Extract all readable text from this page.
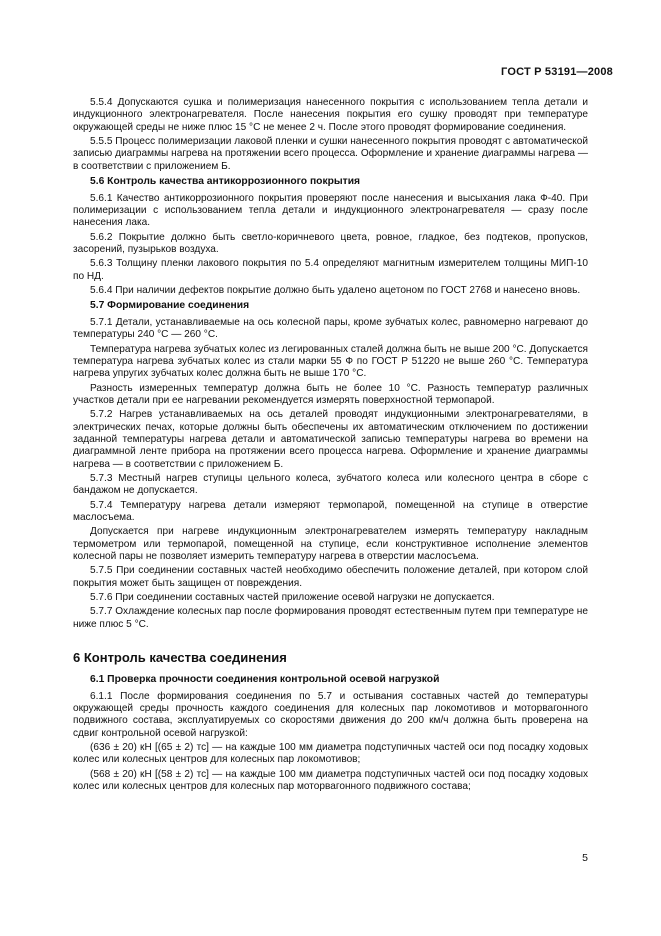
ГОСТ Р 53191—2008

5.5.4 Допускаются сушка и полимеризация нанесенного покрытия с использованием тепла детали и индукционного электронагревателя. После нанесения покрытия его сушку проводят при температуре окружающей среды не ниже плюс 15 °С не менее 2 ч. После этого проводят формирование соединения.

5.5.5 Процесс полимеризации лаковой пленки и сушки нанесенного покрытия проводят с автоматической записью диаграммы нагрева на протяжении всего процесса. Оформление и хранение диаграммы нагрева — в соответствии с приложением Б.

5.6 Контроль качества антикоррозионного покрытия

5.6.1 Качество антикоррозионного покрытия проверяют после нанесения и высыхания лака Ф-40. При полимеризации с использованием тепла детали и индукционного электронагревателя — сразу после нанесения лака.

5.6.2 Покрытие должно быть светло-коричневого цвета, ровное, гладкое, без подтеков, пропусков, засорений, пузырьков воздуха.

5.6.3 Толщину пленки лакового покрытия по 5.4 определяют магнитным измерителем толщины МИП-10 по НД.

5.6.4 При наличии дефектов покрытие должно быть удалено ацетоном по ГОСТ 2768 и нанесено вновь.

5.7 Формирование соединения

5.7.1 Детали, устанавливаемые на ось колесной пары, кроме зубчатых колес, равномерно нагревают до температуры 240 °С — 260 °С.

Температура нагрева зубчатых колес из легированных сталей должна быть не выше 200 °С. Допускается температура нагрева зубчатых колес из стали марки 55 Ф по ГОСТ Р 51220 не выше 260 °С. Температура нагрева упругих зубчатых колес должна быть не выше 170 °С.

Разность измеренных температур должна быть не более 10 °С. Разность температур различных участков детали при ее нагревании рекомендуется измерять поверхностной термопарой.

5.7.2 Нагрев устанавливаемых на ось деталей проводят индукционными электронагревателями, в электрических печах, которые должны быть обеспечены их автоматическим отключением по достижении заданной температуры нагрева детали и автоматической записью температуры нагрева во времени на диаграммной ленте прибора на протяжении всего процесса нагрева. Оформление и хранение диаграммы нагрева — в соответствии с приложением Б.

5.7.3 Местный нагрев ступицы цельного колеса, зубчатого колеса или колесного центра в сборе с бандажом не допускается.

5.7.4 Температуру нагрева детали измеряют термопарой, помещенной на ступице в отверстие маслосъема.

Допускается при нагреве индукционным электронагревателем измерять температуру накладным термометром или термопарой, помещенной на ступице, если конструктивное исполнение элементов колесной пары не позволяет измерить температуру нагрева в отверстии маслосъема.

5.7.5 При соединении составных частей необходимо обеспечить положение деталей, при котором слой покрытия может быть защищен от повреждения.

5.7.6 При соединении составных частей приложение осевой нагрузки не допускается.

5.7.7 Охлаждение колесных пар после формирования проводят естественным путем при температуре не ниже плюс 5 °С.

6 Контроль качества соединения
6.1 Проверка прочности соединения контрольной осевой нагрузкой

6.1.1 После формирования соединения по 5.7 и остывания составных частей до температуры окружающей среды прочность каждого соединения для колесных пар локомотивов и моторвагонного подвижного состава, эксплуатируемых со скоростями движения до 200 км/ч должна быть проверена на сдвиг контрольной осевой нагрузкой:

(636 ± 20) кН [(65 ± 2) тс] — на каждые 100 мм диаметра подступичных частей оси под посадку ходовых колес или колесных центров для колесных пар локомотивов;

(568 ± 20) кН [(58 ± 2) тс] — на каждые 100 мм диаметра подступичных частей оси под посадку ходовых колес или колесных центров для колесных пар моторвагонного подвижного состава;

5
